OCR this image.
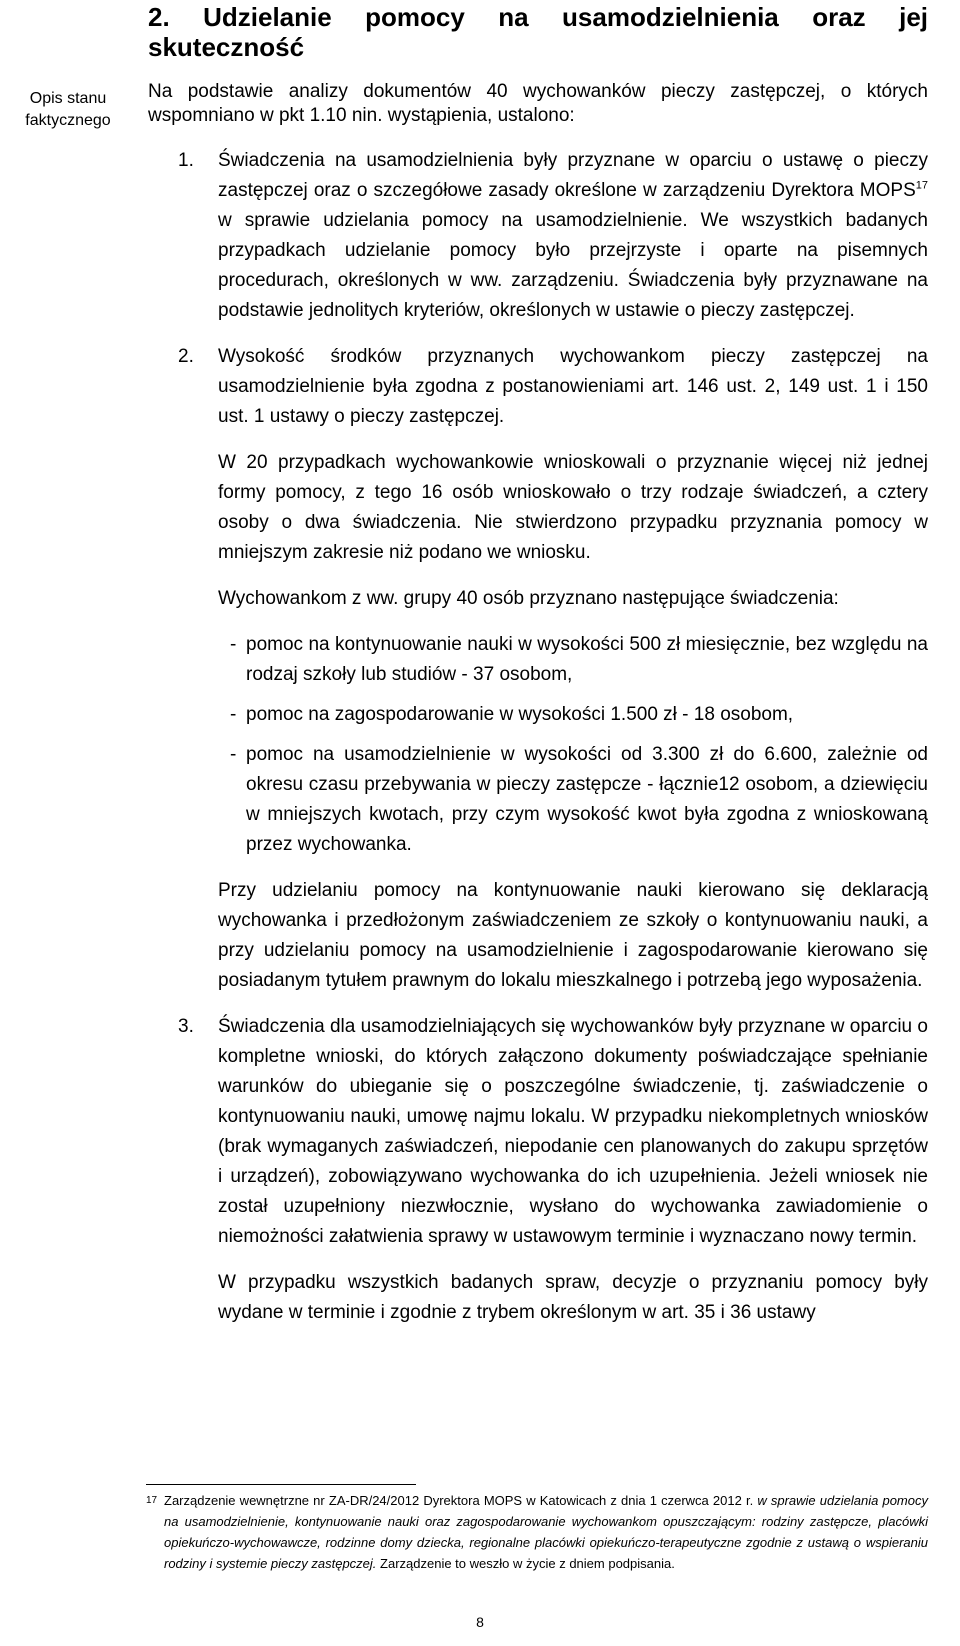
Opis stanu faktycznego
2. Udzielanie pomocy na usamodzielnienia oraz jej
skuteczność

Na podstawie analizy dokumentów 40 wychowanków pieczy zastępczej, o których wspomniano w pkt 1.10 nin. wystąpienia, ustalono:

1. Świadczenia na usamodzielnienia były przyznane w oparciu o ustawę o pieczy zastępczej oraz o szczegółowe zasady określone w zarządzeniu Dyrektora MOPS$^{17}$ w sprawie udzielania pomocy na usamodzielnienie. We wszystkich badanych przypadkach udzielanie pomocy było przejrzyste i oparte na pisemnych procedurach, określonych w ww. zarządzeniu. Świadczenia były przyznawane na podstawie jednolitych kryteriów, określonych w ustawie o pieczy zastępczej.

2. Wysokość środków przyznanych wychowankom pieczy zastępczej na usamodzielnienie była zgodna z postanowieniami art. 146 ust. 2, 149 ust. 1 i 150 ust. 1 ustawy o pieczy zastępczej.

W 20 przypadkach wychowankowie wnioskowali o przyznanie więcej niż jednej formy pomocy, z tego 16 osób wnioskowało o trzy rodzaje świadczeń, a cztery osoby o dwa świadczenia. Nie stwierdzono przypadku przyznania pomocy w mniejszym zakresie niż podano we wniosku.

Wychowankom z ww. grupy 40 osób przyznano następujące świadczenia:

- pomoc na kontynuowanie nauki w wysokości 500 zł miesięcznie, bez względu na rodzaj szkoły lub studiów - 37 osobom,
- pomoc na zagospodarowanie w wysokości 1.500 zł - 18 osobom,
- pomoc na usamodzielnienie w wysokości od 3.300 zł do 6.600, zależnie od okresu czasu przebywania w pieczy zastępcze - łącznie12 osobom, a dziewięciu w mniejszych kwotach, przy czym wysokość kwot była zgodna z wnioskowaną przez wychowanka.

Przy udzielaniu pomocy na kontynuowanie nauki kierowano się deklaracją wychowanka i przedłożonym zaświadczeniem ze szkoły o kontynuowaniu nauki, a przy udzielaniu pomocy na usamodzielnienie i zagospodarowanie kierowano się posiadanym tytułem prawnym do lokalu mieszkalnego i potrzebą jego wyposażenia.

3. Świadczenia dla usamodzielniających się wychowanków były przyznane w oparciu o kompletne wnioski, do których załączono dokumenty poświadczające spełnianie warunków do ubieganie się o poszczególne świadczenie, tj. zaświadczenie o kontynuowaniu nauki, umowę najmu lokalu. W przypadku niekompletnych wniosków (brak wymaganych zaświadczeń, niepodanie cen planowanych do zakupu sprzętów i urządzeń), zobowiązywano wychowanka do ich uzupełnienia. Jeżeli wniosek nie został uzupełniony niezwłocznie, wysłano do wychowanka zawiadomienie o niemożności załatwienia sprawy w ustawowym terminie i wyznaczano nowy termin.

W przypadku wszystkich badanych spraw, decyzje o przyznaniu pomocy były wydane w terminie i zgodnie z trybem określonym w art. 35 i 36 ustawy

17 Zarządzenie wewnętrzne nr ZA-DR/24/2012 Dyrektora MOPS w Katowicach z dnia 1 czerwca 2012 r. w sprawie udzielania pomocy na usamodzielnienie, kontynuowanie nauki oraz zagospodarowanie wychowankom opuszczającym: rodziny zastępcze, placówki opiekuńczo-wychowawcze, rodzinne domy dziecka, regionalne placówki opiekuńczo-terapeutyczne zgodnie z ustawą o wspieraniu rodziny i systemie pieczy zastępczej. Zarządzenie to weszło w życie z dniem podpisania.
8
